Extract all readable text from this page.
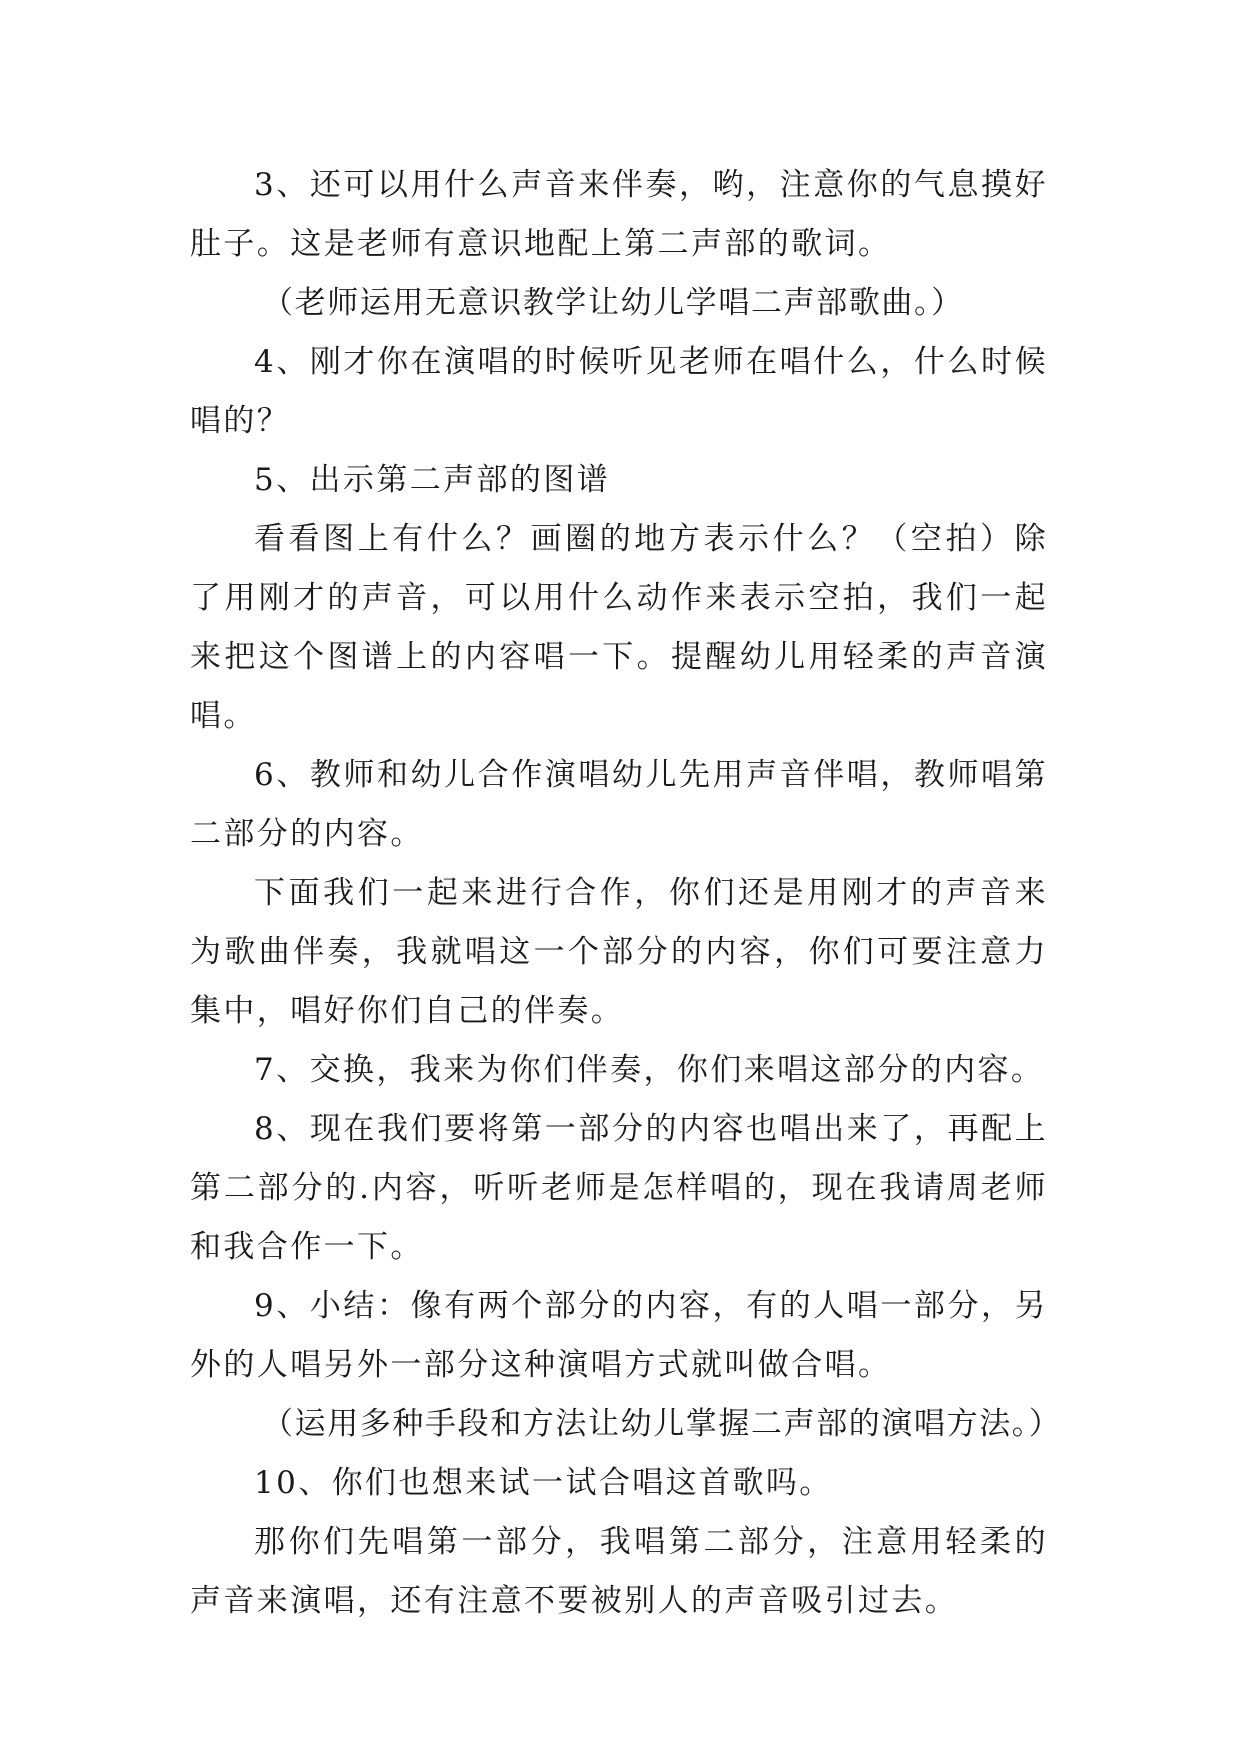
3、还可以用什么声音来伴奏，哟，注意你的气息摸好肚子。这是老师有意识地配上第二声部的歌词。

（老师运用无意识教学让幼儿学唱二声部歌曲。）

4、刚才你在演唱的时候听见老师在唱什么，什么时候唱的？

5、出示第二声部的图谱

看看图上有什么？画圈的地方表示什么？（空拍）除了用刚才的声音，可以用什么动作来表示空拍，我们一起来把这个图谱上的内容唱一下。提醒幼儿用轻柔的声音演唱。

6、教师和幼儿合作演唱幼儿先用声音伴唱，教师唱第二部分的内容。

下面我们一起来进行合作，你们还是用刚才的声音来为歌曲伴奏，我就唱这一个部分的内容，你们可要注意力集中，唱好你们自己的伴奏。

7、交换，我来为你们伴奏，你们来唱这部分的内容。

8、现在我们要将第一部分的内容也唱出来了，再配上第二部分的.内容，听听老师是怎样唱的，现在我请周老师和我合作一下。

9、小结：像有两个部分的内容，有的人唱一部分，另外的人唱另外一部分这种演唱方式就叫做合唱。

（运用多种手段和方法让幼儿掌握二声部的演唱方法。）

10、你们也想来试一试合唱这首歌吗。

那你们先唱第一部分，我唱第二部分，注意用轻柔的声音来演唱，还有注意不要被别人的声音吸引过去。
